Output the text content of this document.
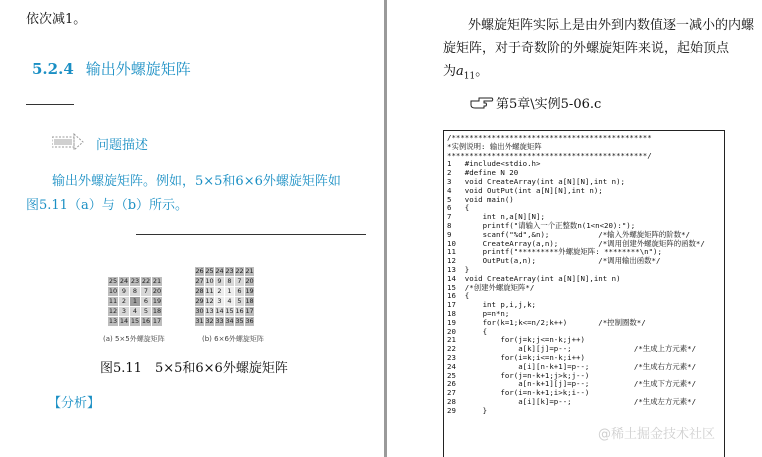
依次减1。
5.2.4 输出外螺旋矩阵
问题描述
输出外螺旋矩阵。例如，5×5和6×6外螺旋矩阵如
图5.11（a）与（b）所示。
25	24	23	22	21
10	9	8	7	20
11	2	1	6	19
12	3	4	5	18
13	14	15	16	17
(a) 5×5外螺旋矩阵
26	25	24	23	22	21
27	10	9	8	7	20
28	11	2	1	6	19
29	12	3	4	5	18
30	13	14	15	16	17
31	32	33	34	35	36
(b) 6×6外螺旋矩阵
图5.11　5×5和6×6外螺旋矩阵
【分析】
外螺旋矩阵实际上是由外到内数值逐一减小的内螺
旋矩阵，对于奇数阶的外螺旋矩阵来说，起始顶点
为$a_{11}$。
第5章\实例5-06.c
/*********************************************
*实例说明: 输出外螺旋矩阵
*********************************************/
1   #include<stdio.h>
2   #define N 20
3   void CreateArray(int a[N][N],int n);
4   void OutPut(int a[N][N],int n);
5   void main()
6   {
7       int n,a[N][N];
8       printf("请输入一个正整数n(1<n<20):");
9       scanf("%d",&n);           /*输入外螺旋矩阵的阶数*/
10      CreateArray(a,n);         /*调用创建外螺旋矩阵的函数*/
11      printf("*********外螺旋矩阵: ********\n");
12      OutPut(a,n);              /*调用输出函数*/
13  }
14  void CreateArray(int a[N][N],int n)
15  /*创建外螺旋矩阵*/
16  {
17      int p,i,j,k;
18      p=n*n;
19      for(k=1;k<=n/2;k++)       /*控制圈数*/
20      {
21          for(j=k;j<=n-k;j++)
22              a[k][j]=p--;              /*生成上方元素*/
23          for(i=k;i<=n-k;i++)
24              a[i][n-k+1]=p--;          /*生成右方元素*/
25          for(j=n-k+1;j>k;j--)
26              a[n-k+1][j]=p--;          /*生成下方元素*/
27          for(i=n-k+1;i>k;i--)
28              a[i][k]=p--;              /*生成左方元素*/
29      }
@稀土掘金技术社区
